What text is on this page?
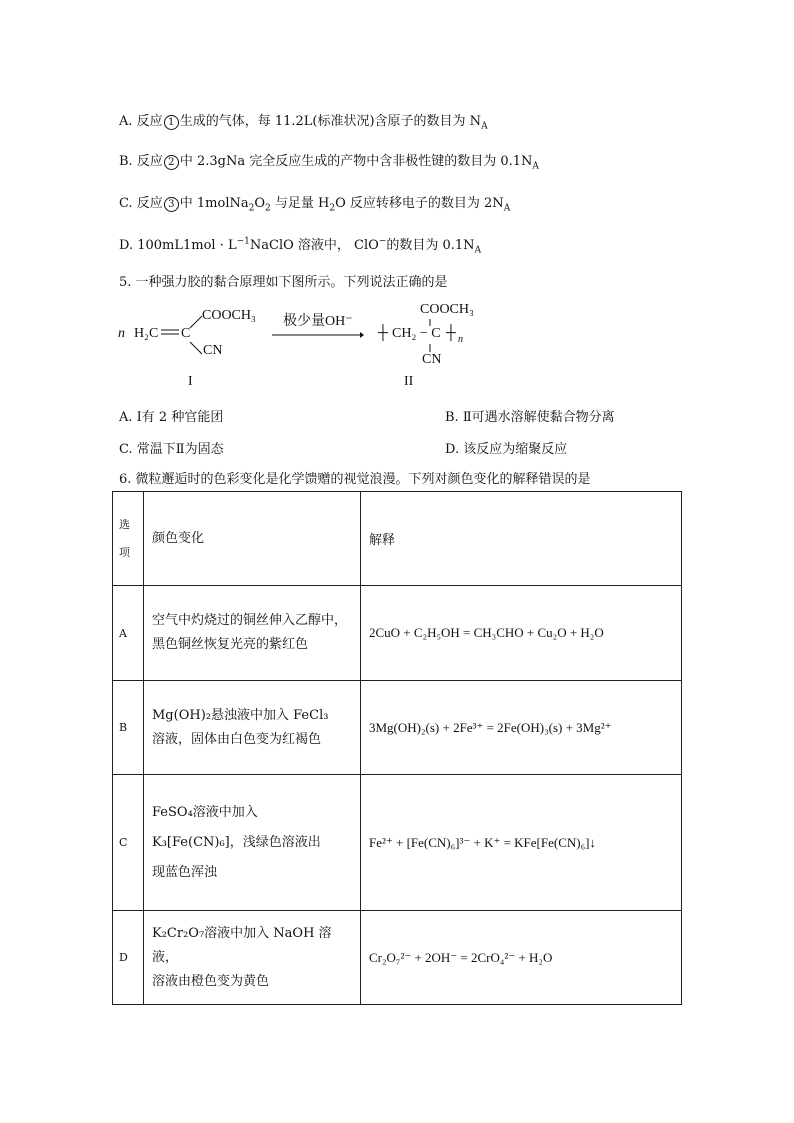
A. 反应 1 生成的气体，每 11.2L(标准状况)含原子的数目为 $N_A$
B. 反应 2 中 2.3gNa 完全反应生成的产物中含非极性键的数目为 $0.1N_A$
C. 反应 3 中 $1molNa_2O_2$ 与足量 $H_2O$ 反应转移电子的数目为 $2N_A$
D. $100mL1mol \cdot L^{-1}NaClO$ 溶液中， ClO−的数目为 $0.1N_A$
5. 一种强力胶的黏合原理如下图所示。下列说法正确的是
n H₂C C
COOCH₃
CN
极少量OH⁻
┼ CH₂ − C ┼ n
COOCH₃
CN
I	II
A. Ⅰ有 2 种官能团	B. Ⅱ可遇水溶解使黏合物分离
C. 常温下Ⅱ为固态	D. 该反应为缩聚反应
6. 微粒邂逅时的色彩变化是化学馈赠的视觉浪漫。下列对颜色变化的解释错误的是
选
项	颜色变化	解释
A	空气中灼烧过的铜丝伸入乙醇中，
黑色铜丝恢复光亮的紫红色	2CuO + C₂H₅OH = CH₃CHO + Cu₂O + H₂O
B	Mg(OH)₂悬浊液中加入 FeCl₃
溶液，固体由白色变为红褐色	3Mg(OH)₂(s) + 2Fe³⁺ = 2Fe(OH)₃(s) + 3Mg²⁺
C	FeSO₄溶液中加入
K₃[Fe(CN)₆]，浅绿色溶液出
现蓝色浑浊	Fe²⁺ + [Fe(CN)₆]³⁻ + K⁺ = KFe[Fe(CN)₆]↓
D	K₂Cr₂O₇溶液中加入 NaOH 溶液，
溶液由橙色变为黄色	Cr₂O₇²⁻ + 2OH⁻ = 2CrO₄²⁻ + H₂O
